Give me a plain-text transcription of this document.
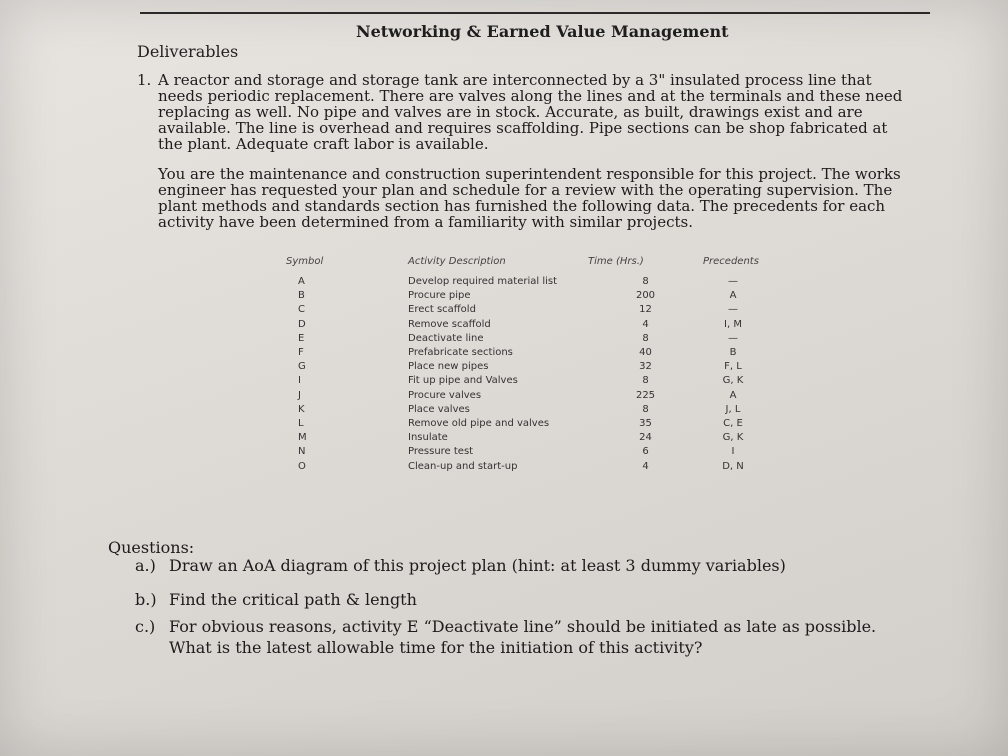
Networking & Earned Value Management
Deliverables
1. A reactor and storage and storage tank are interconnected by a 3" insulated process line that needs periodic replacement. There are valves along the lines and at the terminals and these need replacing as well. No pipe and valves are in stock. Accurate, as built, drawings exist and are available. The line is overhead and requires scaffolding. Pipe sections can be shop fabricated at the plant. Adequate craft labor is available.
You are the maintenance and construction superintendent responsible for this project. The works engineer has requested your plan and schedule for a review with the operating supervision. The plant methods and standards section has furnished the following data. The precedents for each activity have been determined from a familiarity with similar projects.
Symbol	Activity Description	Time (Hrs.)	Precedents
A	Develop required material list	8	—
B	Procure pipe	200	A
C	Erect scaffold	12	—
D	Remove scaffold	4	I, M
E	Deactivate line	8	—
F	Prefabricate sections	40	B
G	Place new pipes	32	F, L
I	Fit up pipe and Valves	8	G, K
J	Procure valves	225	A
K	Place valves	8	J, L
L	Remove old pipe and valves	35	C, E
M	Insulate	24	G, K
N	Pressure test	6	I
O	Clean-up and start-up	4	D, N
Questions:
a.) Draw an AoA diagram of this project plan (hint: at least 3 dummy variables)
b.) Find the critical path & length
c.) For obvious reasons, activity E “Deactivate line” should be initiated as late as possible.
What is the latest allowable time for the initiation of this activity?
